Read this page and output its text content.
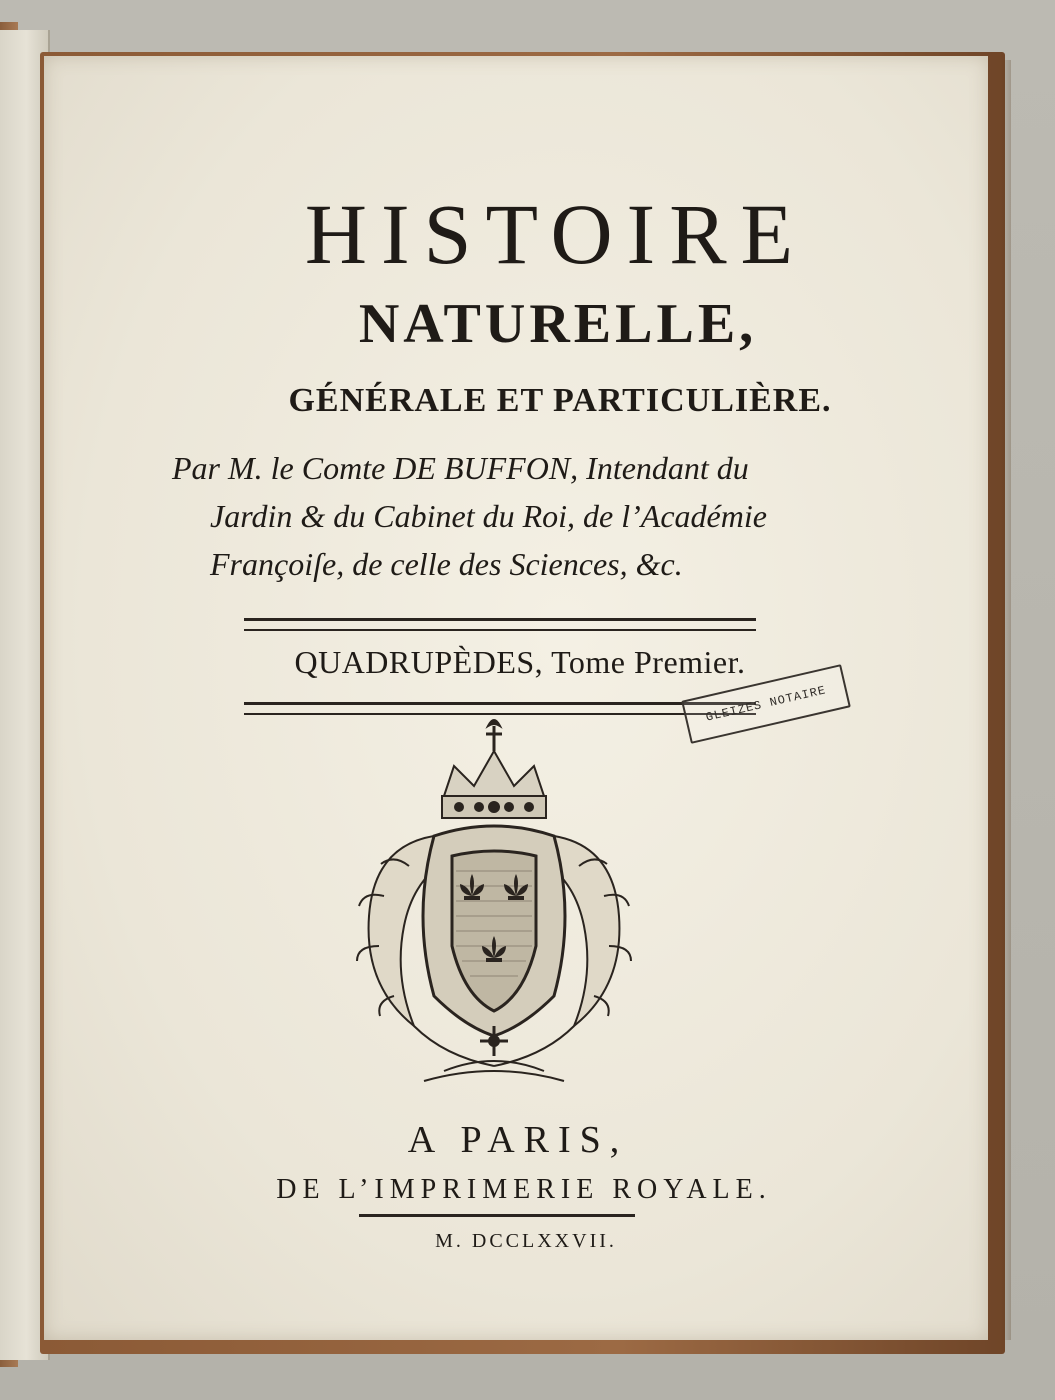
HISTOIRE

NATURELLE,

GÉNÉRALE ET PARTICULIÈRE.

Par M. le Comte DE BUFFON, Intendant du

Jardin & du Cabinet du Roi, de l’Académie

Françoiſe, de celle des Sciences, &c.

QUADRUPÈDES, Tome Premier.

GLEIZES NOTAIRE

A PARIS,

DE L’IMPRIMERIE ROYALE.

M. DCCLXXVII.
